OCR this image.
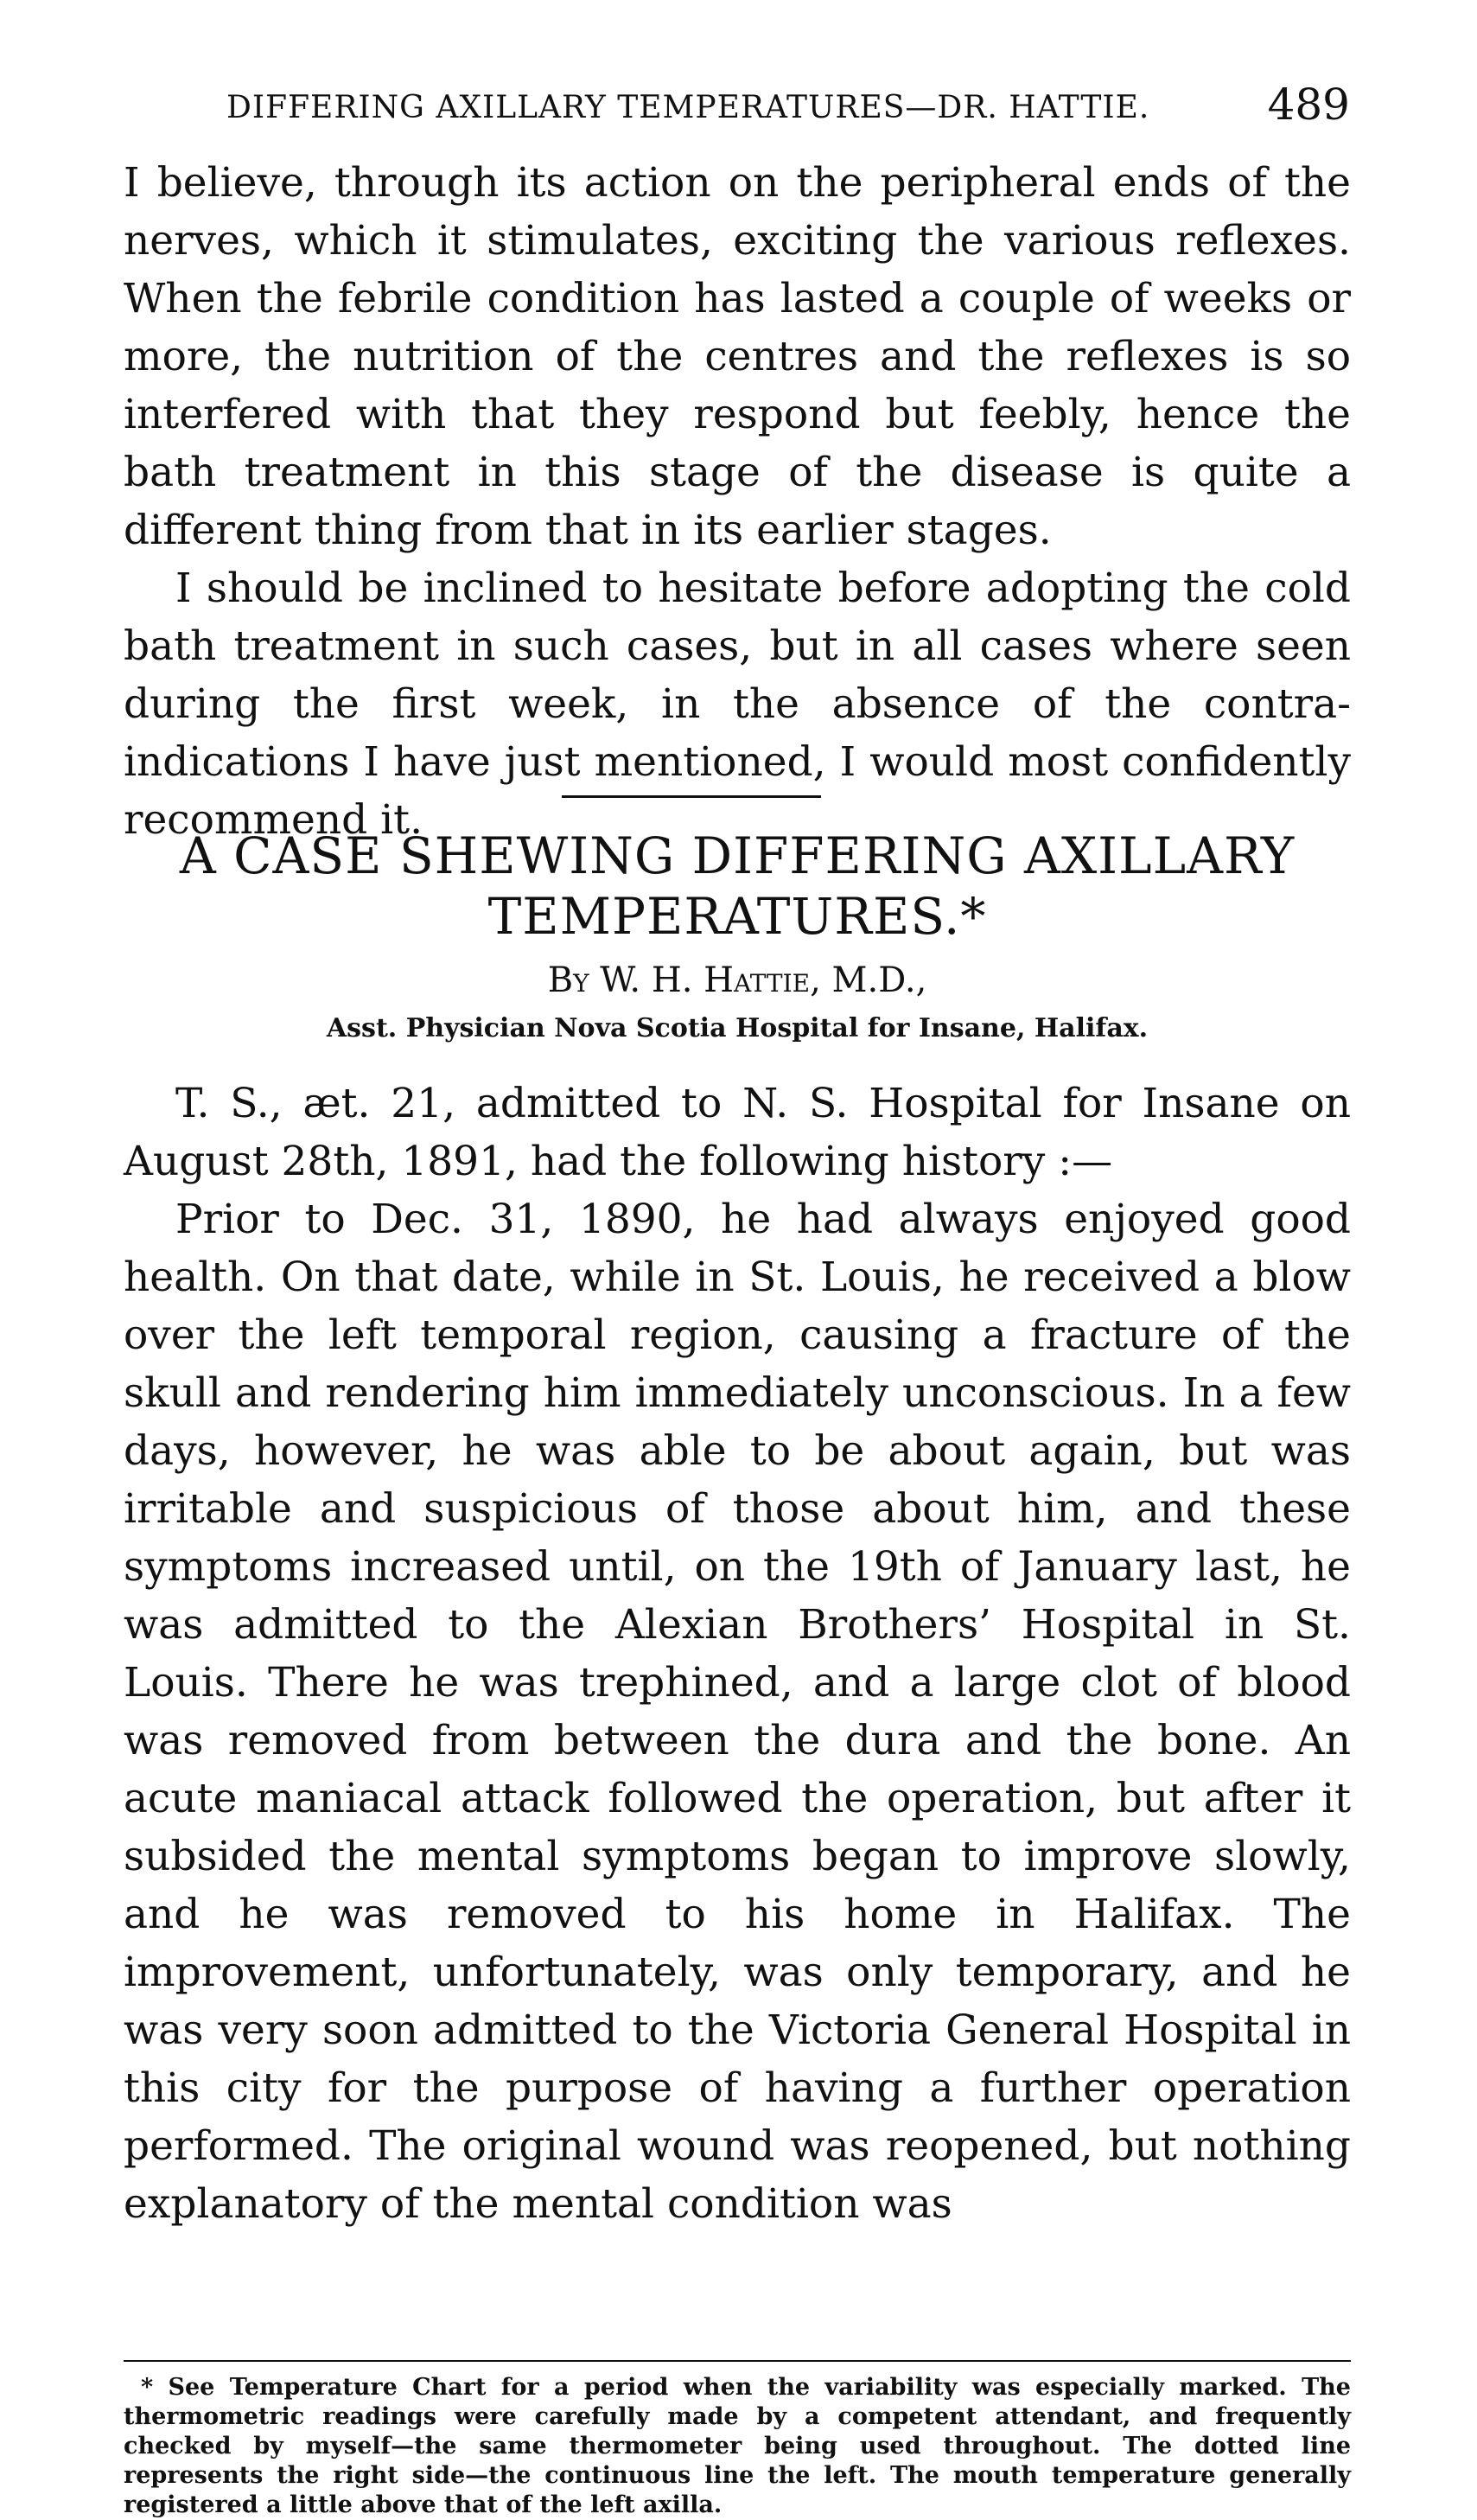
DIFFERING AXILLARY TEMPERATURES—DR. HATTIE.	489

I believe, through its action on the peripheral ends of the nerves, which it stimulates, exciting the various reflexes. When the febrile condition has lasted a couple of weeks or more, the nutrition of the centres and the reflexes is so interfered with that they respond but feebly, hence the bath treatment in this stage of the disease is quite a different thing from that in its earlier stages.

I should be inclined to hesitate before adopting the cold bath treatment in such cases, but in all cases where seen during the first week, in the absence of the contra-indications I have just mentioned, I would most confidently recommend it.

A CASE SHEWING DIFFERING AXILLARY TEMPERATURES.*
By W. H. Hattie, M.D.,
Asst. Physician Nova Scotia Hospital for Insane, Halifax.

T. S., æt. 21, admitted to N. S. Hospital for Insane on August 28th, 1891, had the following history :—

Prior to Dec. 31, 1890, he had always enjoyed good health. On that date, while in St. Louis, he received a blow over the left temporal region, causing a fracture of the skull and rendering him immediately unconscious. In a few days, however, he was able to be about again, but was irritable and suspicious of those about him, and these symptoms increased until, on the 19th of January last, he was admitted to the Alexian Brothers’ Hospital in St. Louis. There he was trephined, and a large clot of blood was removed from between the dura and the bone. An acute maniacal attack followed the operation, but after it subsided the mental symptoms began to improve slowly, and he was removed to his home in Halifax. The improvement, unfortunately, was only temporary, and he was very soon admitted to the Victoria General Hospital in this city for the purpose of having a further operation performed. The original wound was reopened, but nothing explanatory of the mental condition was

* See Temperature Chart for a period when the variability was especially marked. The thermometric readings were carefully made by a competent attendant, and frequently checked by myself—the same thermometer being used throughout. The dotted line represents the right side—the continuous line the left. The mouth temperature generally registered a little above that of the left axilla.
